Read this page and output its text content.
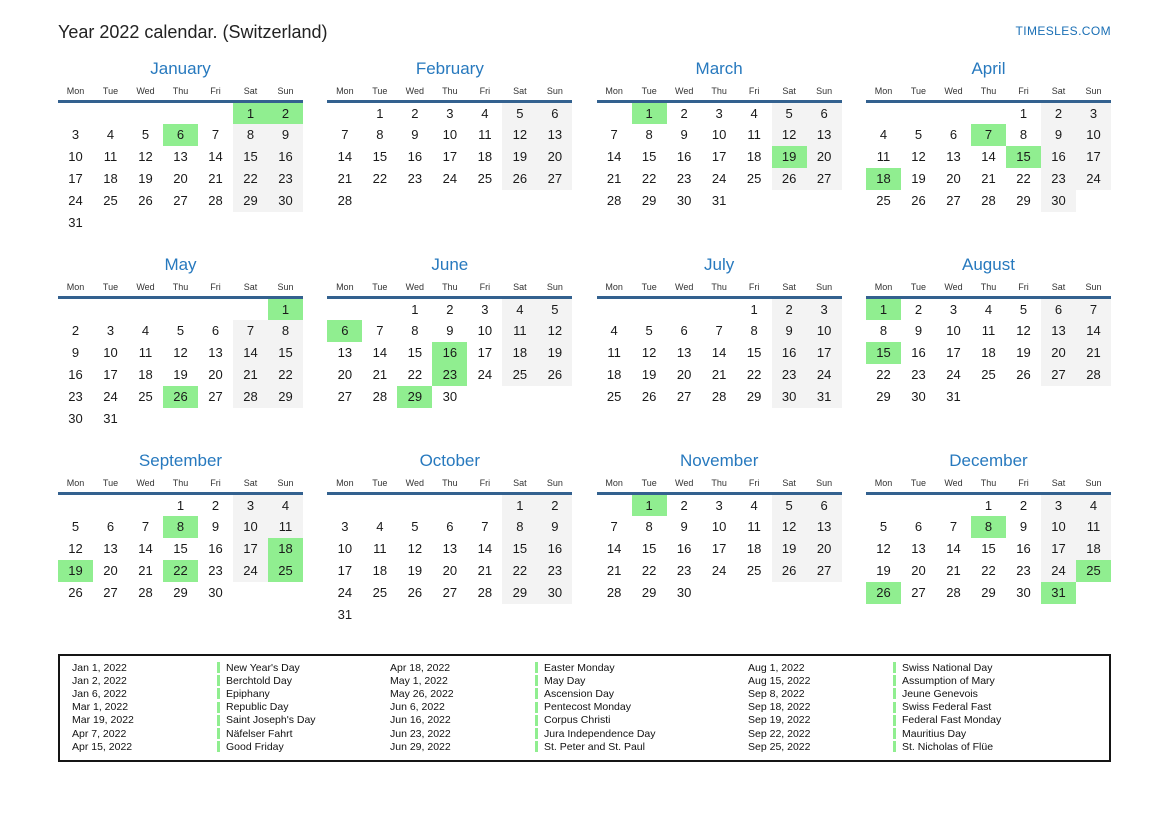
Year 2022 calendar. (Switzerland)	TIMESLES.COM
January
Mon	Tue	Wed	Thu	Fri	Sat	Sun
					1	2
3	4	5	6	7	8	9
10	11	12	13	14	15	16
17	18	19	20	21	22	23
24	25	26	27	28	29	30
31						
February
Mon	Tue	Wed	Thu	Fri	Sat	Sun
	1	2	3	4	5	6
7	8	9	10	11	12	13
14	15	16	17	18	19	20
21	22	23	24	25	26	27
28						
March
Mon	Tue	Wed	Thu	Fri	Sat	Sun
	1	2	3	4	5	6
7	8	9	10	11	12	13
14	15	16	17	18	19	20
21	22	23	24	25	26	27
28	29	30	31			
April
Mon	Tue	Wed	Thu	Fri	Sat	Sun
				1	2	3
4	5	6	7	8	9	10
11	12	13	14	15	16	17
18	19	20	21	22	23	24
25	26	27	28	29	30	
May
Mon	Tue	Wed	Thu	Fri	Sat	Sun
						1
2	3	4	5	6	7	8
9	10	11	12	13	14	15
16	17	18	19	20	21	22
23	24	25	26	27	28	29
30	31					
June
Mon	Tue	Wed	Thu	Fri	Sat	Sun
		1	2	3	4	5
6	7	8	9	10	11	12
13	14	15	16	17	18	19
20	21	22	23	24	25	26
27	28	29	30			
July
Mon	Tue	Wed	Thu	Fri	Sat	Sun
				1	2	3
4	5	6	7	8	9	10
11	12	13	14	15	16	17
18	19	20	21	22	23	24
25	26	27	28	29	30	31
August
Mon	Tue	Wed	Thu	Fri	Sat	Sun
1	2	3	4	5	6	7
8	9	10	11	12	13	14
15	16	17	18	19	20	21
22	23	24	25	26	27	28
29	30	31				
September
Mon	Tue	Wed	Thu	Fri	Sat	Sun
			1	2	3	4
5	6	7	8	9	10	11
12	13	14	15	16	17	18
19	20	21	22	23	24	25
26	27	28	29	30		
October
Mon	Tue	Wed	Thu	Fri	Sat	Sun
					1	2
3	4	5	6	7	8	9
10	11	12	13	14	15	16
17	18	19	20	21	22	23
24	25	26	27	28	29	30
31						
November
Mon	Tue	Wed	Thu	Fri	Sat	Sun
	1	2	3	4	5	6
7	8	9	10	11	12	13
14	15	16	17	18	19	20
21	22	23	24	25	26	27
28	29	30				
December
Mon	Tue	Wed	Thu	Fri	Sat	Sun
			1	2	3	4
5	6	7	8	9	10	11
12	13	14	15	16	17	18
19	20	21	22	23	24	25
26	27	28	29	30	31	
Jan 1, 2022	New Year's Day
Jan 2, 2022	Berchtold Day
Jan 6, 2022	Epiphany
Mar 1, 2022	Republic Day
Mar 19, 2022	Saint Joseph's Day
Apr 7, 2022	Näfelser Fahrt
Apr 15, 2022	Good Friday
Apr 18, 2022	Easter Monday
May 1, 2022	May Day
May 26, 2022	Ascension Day
Jun 6, 2022	Pentecost Monday
Jun 16, 2022	Corpus Christi
Jun 23, 2022	Jura Independence Day
Jun 29, 2022	St. Peter and St. Paul
Aug 1, 2022	Swiss National Day
Aug 15, 2022	Assumption of Mary
Sep 8, 2022	Jeune Genevois
Sep 18, 2022	Swiss Federal Fast
Sep 19, 2022	Federal Fast Monday
Sep 22, 2022	Mauritius Day
Sep 25, 2022	St. Nicholas of Flüe
